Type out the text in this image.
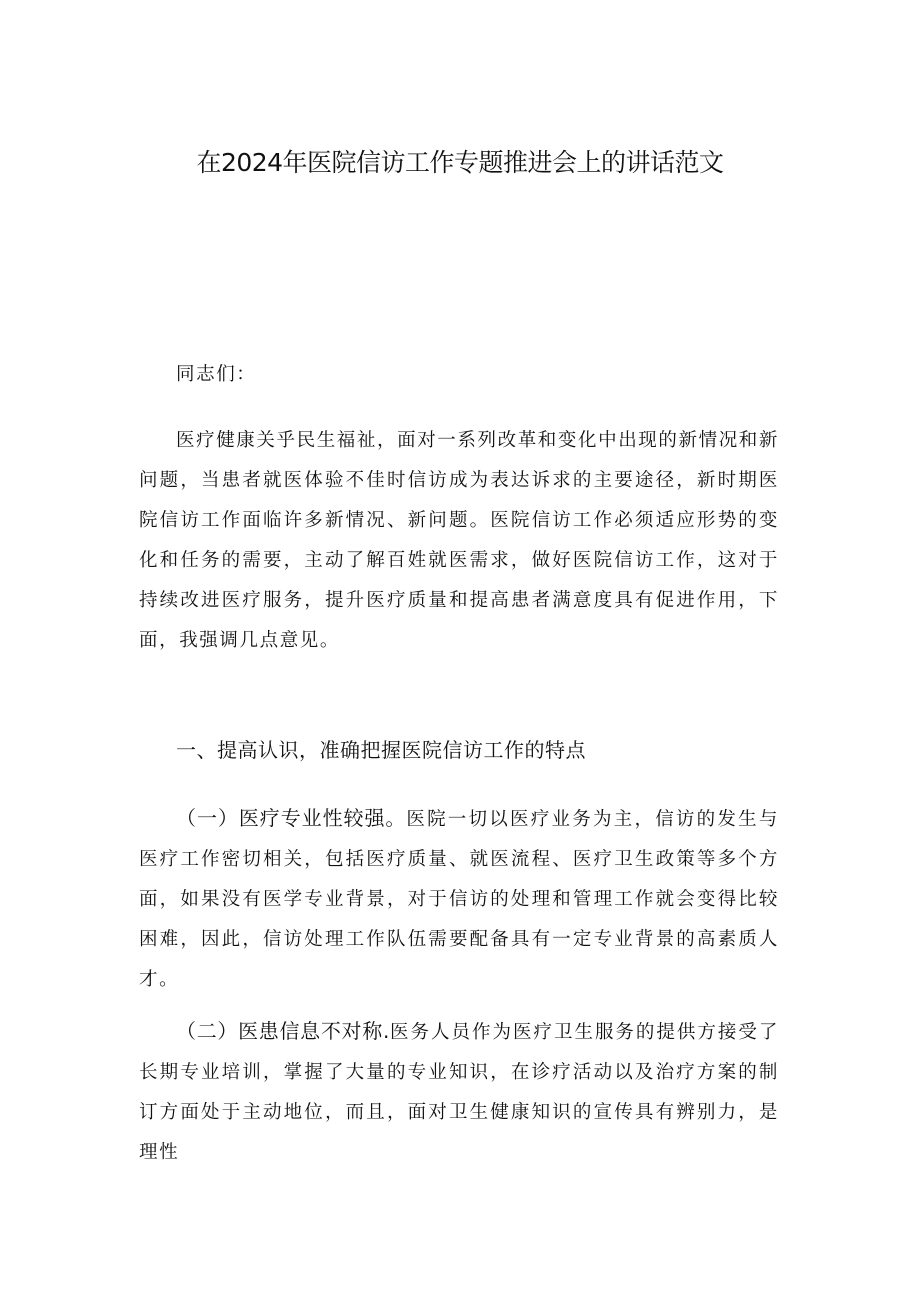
在2024年医院信访工作专题推进会上的讲话范文

同志们：

医疗健康关乎民生福祉，面对一系列改革和变化中出现的新情况和新问题，当患者就医体验不佳时信访成为表达诉求的主要途径，新时期医院信访工作面临许多新情况、新问题。医院信访工作必须适应形势的变化和任务的需要，主动了解百姓就医需求，做好医院信访工作，这对于持续改进医疗服务，提升医疗质量和提高患者满意度具有促进作用，下面，我强调几点意见。

一、提高认识，准确把握医院信访工作的特点

（一）医疗专业性较强。医院一切以医疗业务为主，信访的发生与医疗工作密切相关，包括医疗质量、就医流程、医疗卫生政策等多个方面，如果没有医学专业背景，对于信访的处理和管理工作就会变得比较困难，因此，信访处理工作队伍需要配备具有一定专业背景的高素质人才。

（二）医患信息不对称.医务人员作为医疗卫生服务的提供方接受了长期专业培训，掌握了大量的专业知识，在诊疗活动以及治疗方案的制订方面处于主动地位，而且，面对卫生健康知识的宣传具有辨别力，是理性
